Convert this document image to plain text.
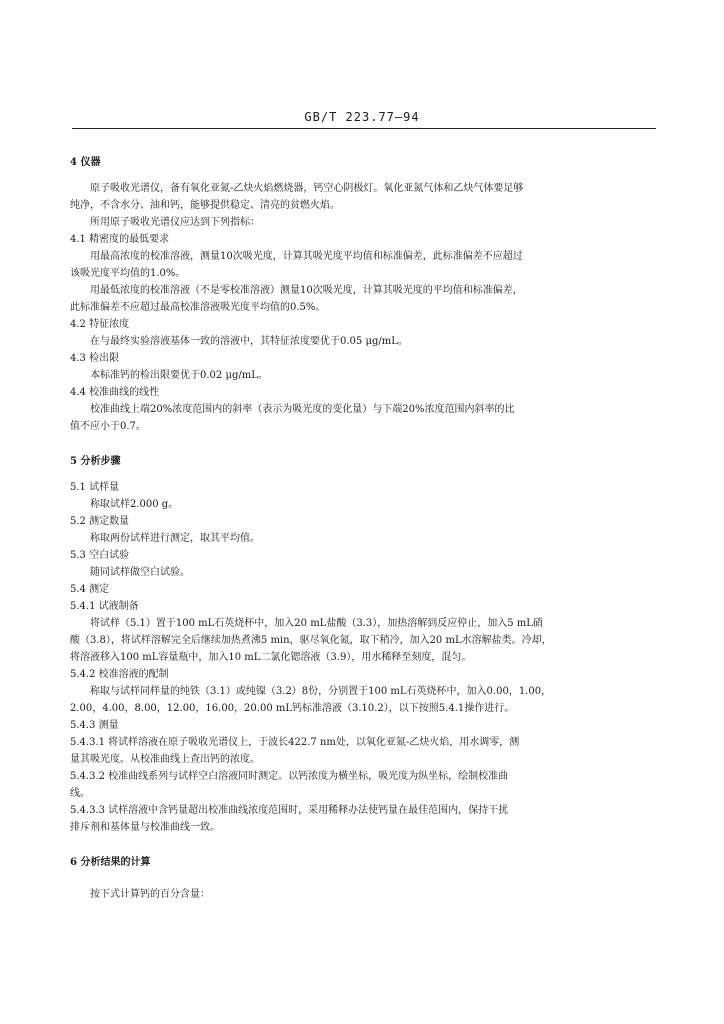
GB/T 223.77—94
4 仪器
原子吸收光谱仪，备有氧化亚氮-乙炔火焰燃烧器，钙空心阴极灯。氧化亚氮气体和乙炔气体要足够
纯净，不含水分、油和钙，能够提供稳定、清亮的贫燃火焰。
所用原子吸收光谱仪应达到下列指标：
4.1 精密度的最低要求
用最高浓度的校准溶液，测量10次吸光度，计算其吸光度平均值和标准偏差，此标准偏差不应超过
该吸光度平均值的1.0%。
用最低浓度的校准溶液（不是零校准溶液）测量10次吸光度，计算其吸光度的平均值和标准偏差，
此标准偏差不应超过最高校准溶液吸光度平均值的0.5%。
4.2 特征浓度
在与最终实验溶液基体一致的溶液中，其特征浓度要优于0.05 μg/mL。
4.3 检出限
本标准钙的检出限要优于0.02 μg/mL。
4.4 校准曲线的线性
校准曲线上端20%浓度范围内的斜率（表示为吸光度的变化量）与下端20%浓度范围内斜率的比
值不应小于0.7。
5 分析步骤
5.1 试样量
称取试样2.000 g。
5.2 测定数量
称取两份试样进行测定，取其平均值。
5.3 空白试验
随同试样做空白试验。
5.4 测定
5.4.1 试液制备
将试样（5.1）置于100 mL石英烧杯中，加入20 mL盐酸（3.3），加热溶解到反应停止，加入5 mL硝
酸（3.8），将试样溶解完全后继续加热煮沸5 min，驱尽氧化氮，取下稍冷，加入20 mL水溶解盐类。冷却，
将溶液移入100 mL容量瓶中，加入10 mL二氯化锶溶液（3.9），用水稀释至刻度，混匀。
5.4.2 校准溶液的配制
称取与试样同样量的纯铁（3.1）或纯镍（3.2）8份，分别置于100 mL石英烧杯中，加入0.00，1.00，
2.00，4.00，8.00，12.00，16.00，20.00 mL钙标准溶液（3.10.2），以下按照5.4.1操作进行。
5.4.3 测量
5.4.3.1 将试样溶液在原子吸收光谱仪上，于波长422.7 nm处，以氧化亚氮-乙炔火焰，用水调零，测
量其吸光度。从校准曲线上查出钙的浓度。
5.4.3.2 校准曲线系列与试样空白溶液同时测定。以钙浓度为横坐标，吸光度为纵坐标，绘制校准曲
线。
5.4.3.3 试样溶液中含钙量超出校准曲线浓度范围时，采用稀释办法使钙量在最佳范围内，保持干扰
排斥剂和基体量与校准曲线一致。
6 分析结果的计算
按下式计算钙的百分含量：
